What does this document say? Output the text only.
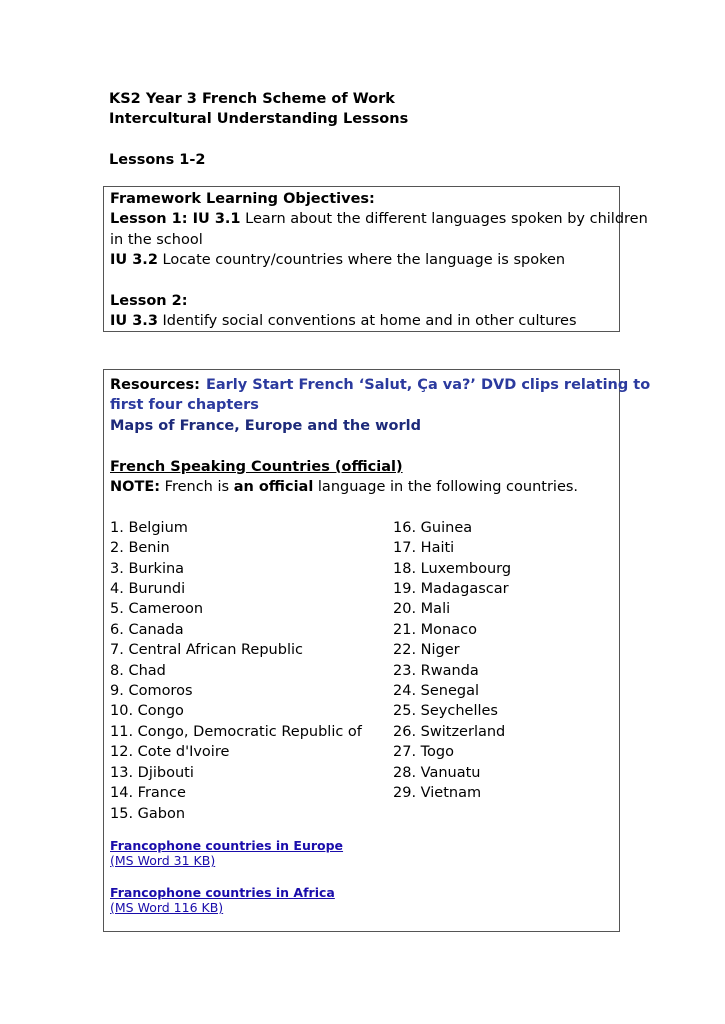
KS2 Year 3 French Scheme of Work
Intercultural Understanding Lessons
Lessons 1-2
Framework Learning Objectives:
Lesson 1: IU 3.1 Learn about the different languages spoken by children
in the school
IU 3.2 Locate country/countries where the language is spoken
Lesson 2:
IU 3.3 Identify social conventions at home and in other cultures
Resources: Early Start French ‘Salut, Ça va?’ DVD clips relating to
first four chapters
Maps of France, Europe and the world
French Speaking Countries (official)
NOTE: French is an official language in the following countries.
1. Belgium
2. Benin
3. Burkina
4. Burundi
5. Cameroon
6. Canada
7. Central African Republic
8. Chad
9. Comoros
10. Congo
11. Congo, Democratic Republic of
12. Cote d'Ivoire
13. Djibouti
14. France
15. Gabon
16. Guinea
17. Haiti
18. Luxembourg
19. Madagascar
20. Mali
21. Monaco
22. Niger
23. Rwanda
24. Senegal
25. Seychelles
26. Switzerland
27. Togo
28. Vanuatu
29. Vietnam
Francophone countries in Europe
(MS Word 31 KB)
Francophone countries in Africa
(MS Word 116 KB)
